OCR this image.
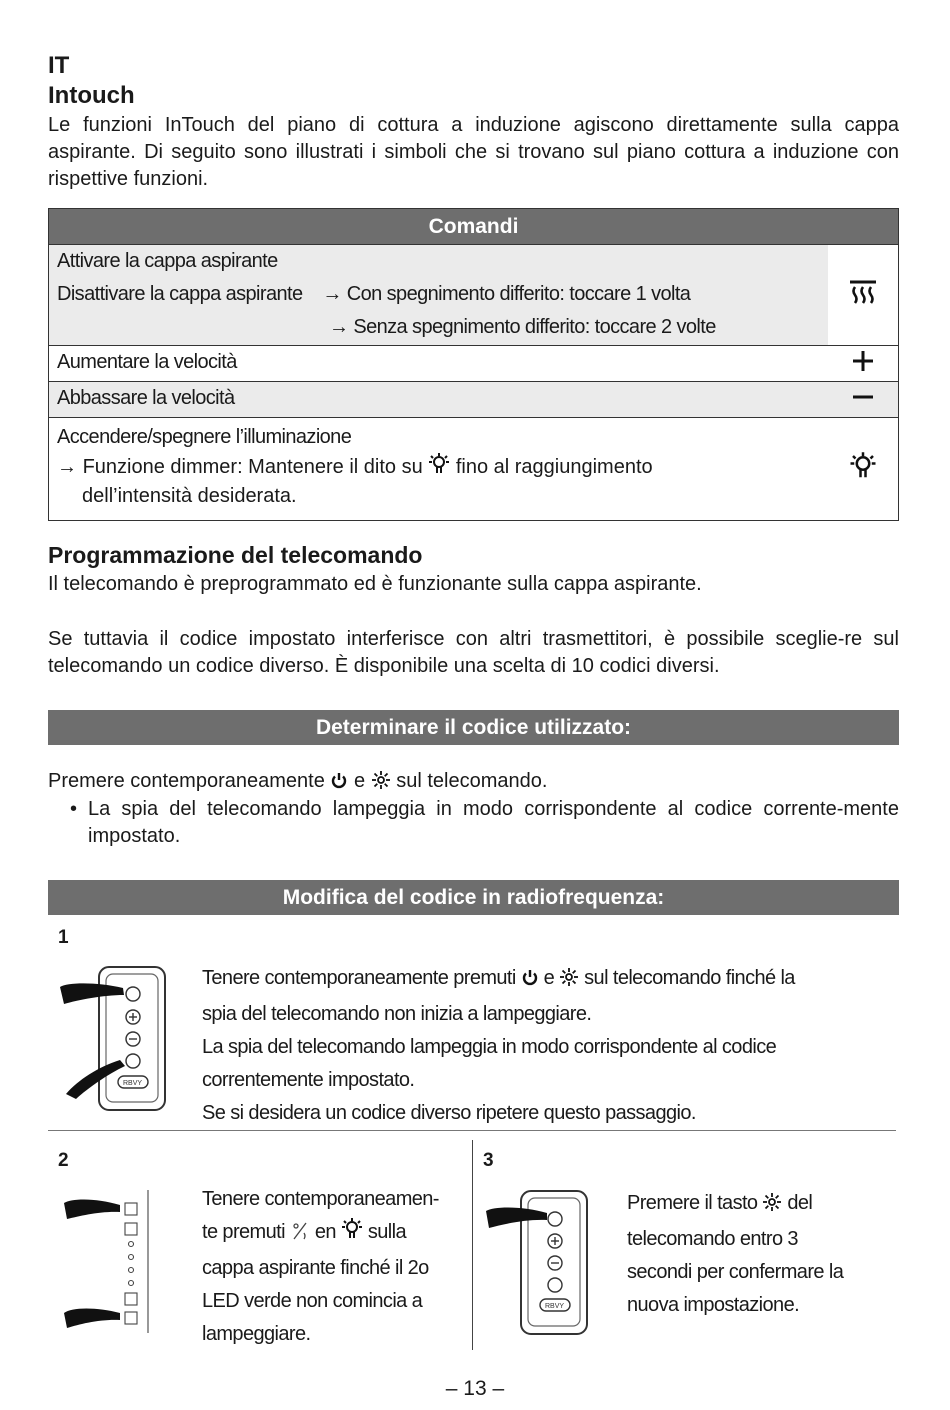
IT
Intouch
Le funzioni InTouch del piano di cottura a induzione agiscono direttamente sulla cappa aspirante. Di seguito sono illustrati i simboli che si trovano sul piano cottura a induzione con rispettive funzioni.
Comandi	

Attivare la cappa aspirante
Disattivare la cappa aspirante → Con spegnimento differito: toccare 1 volta
→ Senza spegnimento differito: toccare 2 volte

Aumentare la velocità

Abbassare la velocità

Accendere/spegnere l’illuminazione
→ Funzione dimmer: Mantenere il dito su fino al raggiungimento
dell’intensità desiderata.

Programmazione del telecomando
Il telecomando è preprogrammato ed è funzionante sulla cappa aspirante.
Se tuttavia il codice impostato interferisce con altri trasmettitori, è possibile sceglie-re sul telecomando un codice diverso. È disponibile una scelta di 10 codici diversi.
Determinare il codice utilizzato:
Premere contemporaneamente e sul telecomando.
• La spia del telecomando lampeggia in modo corrispondente al codice corrente-mente impostato.
Modifica del codice in radiofrequenza:
1
RBVY
Tenere contemporaneamente premuti e sul telecomando finché la
spia del telecomando non inizia a lampeggiare.
La spia del telecomando lampeggia in modo corrispondente al codice
correntemente impostato.
Se si desidera un codice diverso ripetere questo passaggio.
2
Tenere contemporaneamen-
te premuti en sulla
cappa aspirante finché il 2o
LED verde non comincia a
lampeggiare.
3
RBVY
Premere il tasto del
telecomando entro 3
secondi per confermare la
nuova impostazione.
– 13 –
